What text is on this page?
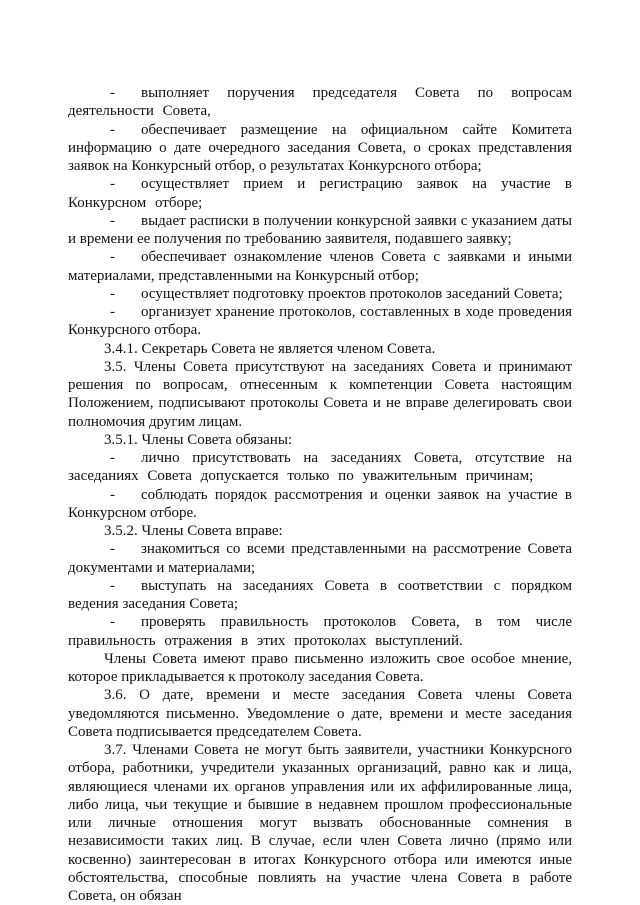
- выполняет поручения председателя Совета по вопросам деятельности Совета,

- обеспечивает размещение на официальном сайте Комитета информацию о дате очередного заседания Совета, о сроках представления заявок на Конкурсный отбор, о результатах Конкурсного отбора;

- осуществляет прием и регистрацию заявок на участие в Конкурсном отборе;

- выдает расписки в получении конкурсной заявки с указанием даты и времени ее получения по требованию заявителя, подавшего заявку;

- обеспечивает ознакомление членов Совета с заявками и иными материалами, представленными на Конкурсный отбор;

- осуществляет подготовку проектов протоколов заседаний Совета;

- организует хранение протоколов, составленных в ходе проведения Конкурсного отбора.

3.4.1. Секретарь Совета не является членом Совета.

3.5. Члены Совета присутствуют на заседаниях Совета и принимают решения по вопросам, отнесенным к компетенции Совета настоящим Положением, подписывают протоколы Совета и не вправе делегировать свои полномочия другим лицам.

3.5.1. Члены Совета обязаны:

- лично присутствовать на заседаниях Совета, отсутствие на заседаниях Совета допускается только по уважительным причинам;

- соблюдать порядок рассмотрения и оценки заявок на участие в Конкурсном отборе.

3.5.2. Члены Совета вправе:

- знакомиться со всеми представленными на рассмотрение Совета документами и материалами;

- выступать на заседаниях Совета в соответствии с порядком ведения заседания Совета;

- проверять правильность протоколов Совета, в том числе правильность отражения в этих протоколах выступлений.

Члены Совета имеют право письменно изложить свое особое мнение, которое прикладывается к протоколу заседания Совета.

3.6. О дате, времени и месте заседания Совета члены Совета уведомляются письменно. Уведомление о дате, времени и месте заседания Совета подписывается председателем Совета.

3.7. Членами Совета не могут быть заявители, участники Конкурсного отбора, работники, учредители указанных организаций, равно как и лица, являющиеся членами их органов управления или их аффилированные лица, либо лица, чьи текущие и бывшие в недавнем прошлом профессиональные или личные отношения могут вызвать обоснованные сомнения в независимости таких лиц. В случае, если член Совета лично (прямо или косвенно) заинтересован в итогах Конкурсного отбора или имеются иные обстоятельства, способные повлиять на участие члена Совета в работе Совета, он обязан
